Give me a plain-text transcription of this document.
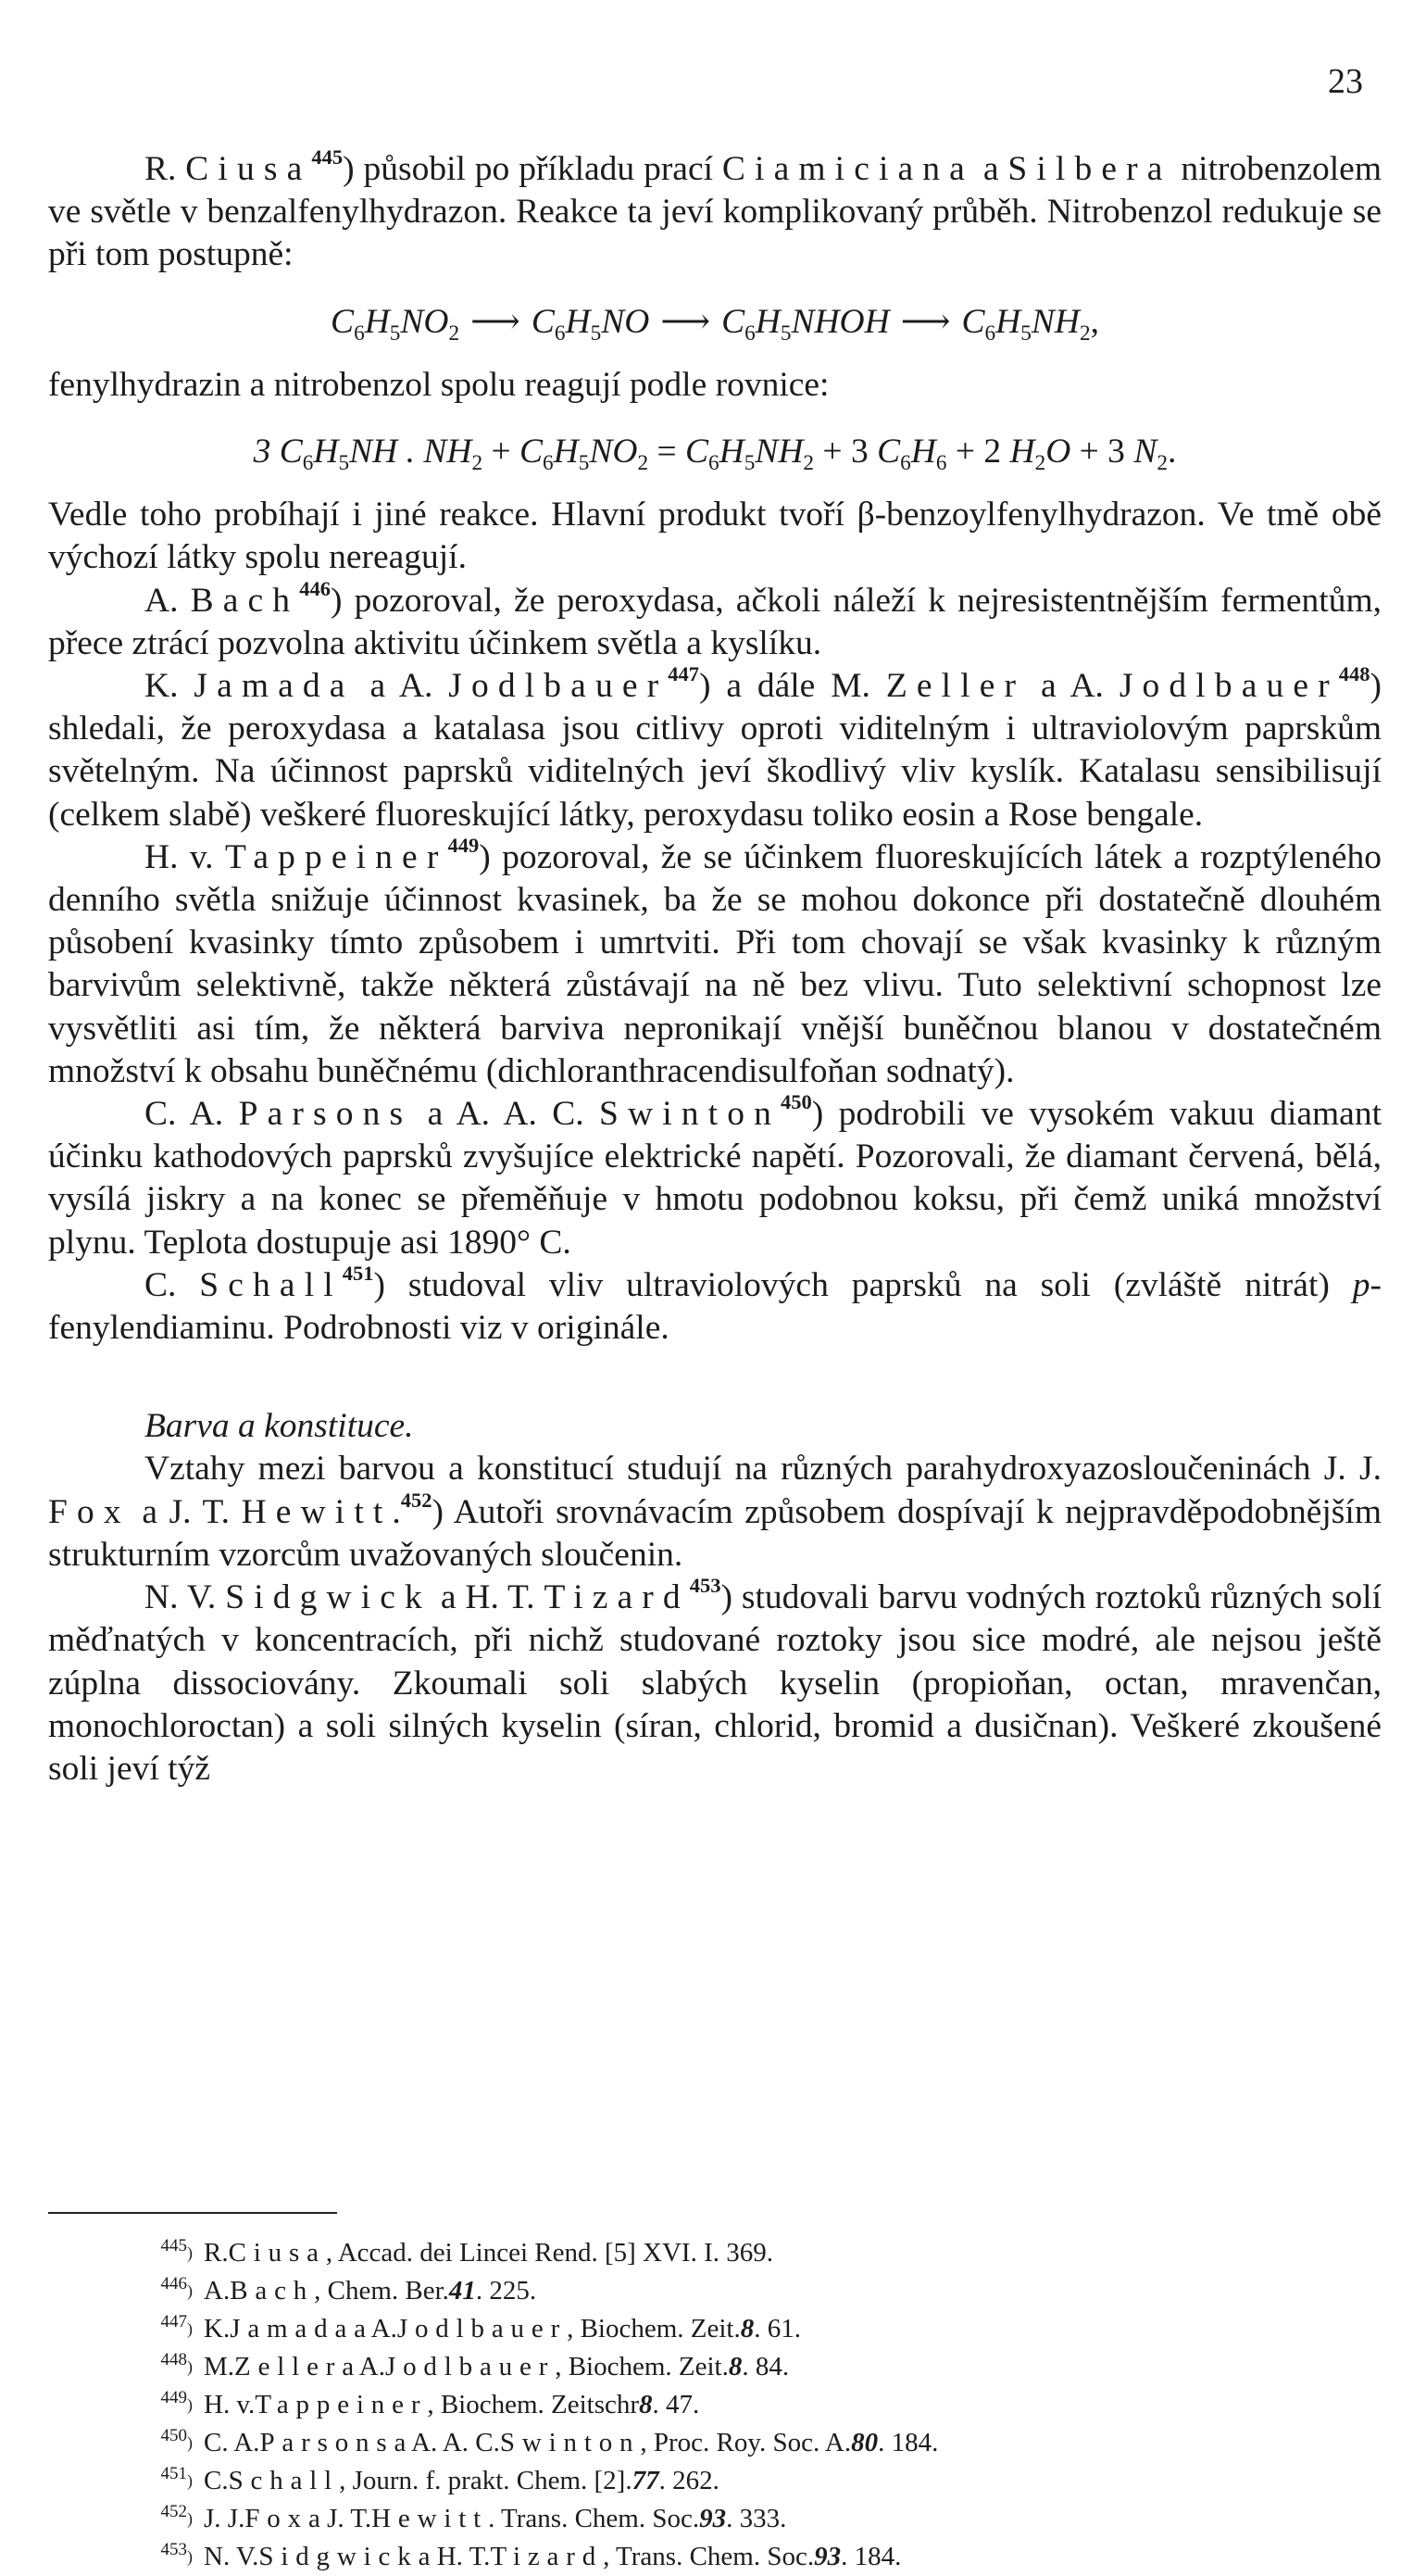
23

R. Ciusa$^{445}$) působil po příkladu prací Ciamiciana a Silbera nitrobenzolem ve světle v benzalfenylhydrazon. Reakce ta jeví komplikovaný průběh. Nitrobenzol redukuje se při tom postupně:

$C_6H_5NO_2$ ⟶ $C_6H_5NO$ ⟶ $C_6H_5NHOH$ ⟶ $C_6H_5NH_2$,

fenylhydrazin a nitrobenzol spolu reagují podle rovnice:

3 $C_6H_5NH$ . $NH_2 + C_6H_5NO_2 = C_6H_5NH_2 + 3$ $C_6H_6 + 2$ $H_2O + 3$ $N_2$.

Vedle toho probíhají i jiné reakce. Hlavní produkt tvoří β-benzoylfenylhydrazon. Ve tmě obě výchozí látky spolu nereagují.

A. Bach$^{446}$) pozoroval, že peroxydasa, ačkoli náleží k nejresistentnějším fermentům, přece ztrácí pozvolna aktivitu účinkem světla a kyslíku.

K. Jamada a A. Jodlbauer$^{447}$) a dále M. Zeller a A. Jodlbauer$^{448}$) shledali, že peroxydasa a katalasa jsou citlivy oproti viditelným i ultraviolovým paprskům světelným. Na účinnost paprsků viditelných jeví škodlivý vliv kyslík. Katalasu sensibilisují (celkem slabě) veškeré fluoreskující látky, peroxydasu toliko eosin a Rose bengale.

H. v. Tappeiner$^{449}$) pozoroval, že se účinkem fluoreskujících látek a rozptýleného denního světla snižuje účinnost kvasinek, ba že se mohou dokonce při dostatečně dlouhém působení kvasinky tímto způsobem i umrtviti. Při tom chovají se však kvasinky k různým barvivům selektivně, takže některá zůstávají na ně bez vlivu. Tuto selektivní schopnost lze vysvětliti asi tím, že některá barviva nepronikají vnější buněčnou blanou v dostatečném množství k obsahu buněčnému (dichloranthracendisulfoňan sodnatý).

C. A. Parsons a A. A. C. Swinton$^{450}$) podrobili ve vysokém vakuu diamant účinku kathodových paprsků zvyšujíce elektrické napětí. Pozorovali, že diamant červená, bělá, vysílá jiskry a na konec se přeměňuje v hmotu podobnou koksu, při čemž uniká množství plynu. Teplota dostupuje asi 1890° C.

C. Schall$^{451}$) studoval vliv ultraviolových paprsků na soli (zvláště nitrát) p-fenylendiaminu. Podrobnosti viz v originále.

Barva a konstituce.

Vztahy mezi barvou a konstitucí studují na různých parahydroxyazosloučeninách J. J. Fox a J. T. Hewitt.$^{452}$) Autoři srovnávacím způsobem dospívají k nejpravděpodobnějším strukturním vzorcům uvažovaných sloučenin.

N. V. Sidgwick a H. T. Tizard$^{453}$) studovali barvu vodných roztoků různých solí měďnatých v koncentracích, při nichž studované roztoky jsou sice modré, ale nejsou ještě zúplna dissociovány. Zkoumali soli slabých kyselin (propioňan, octan, mravenčan, monochloroctan) a soli silných kyselin (síran, chlorid, bromid a dusičnan). Veškeré zkoušené soli jeví týž

445) R. Ciusa , Accad. dei Lincei Rend. [5] XVI. I. 369.
446) A. Bach , Chem. Ber. 41 . 225.
447) K. Jamada a A. Jodlbauer , Biochem. Zeit. 8 . 61.
448) M. Zeller a A. Jodlbauer , Biochem. Zeit. 8 . 84.
449) H. v. Tappeiner , Biochem. Zeitschr 8 . 47.
450) C. A. Parsons a A. A. C. Swinton , Proc. Roy. Soc. A. 80 . 184.
451) C. Schall , Journ. f. prakt. Chem. [2]. 77 . 262.
452) J. J. Fox a J. T. Hewitt . Trans. Chem. Soc. 93 . 333.
453) N. V. Sidgwick a H. T. Tizard , Trans. Chem. Soc. 93 . 184.
